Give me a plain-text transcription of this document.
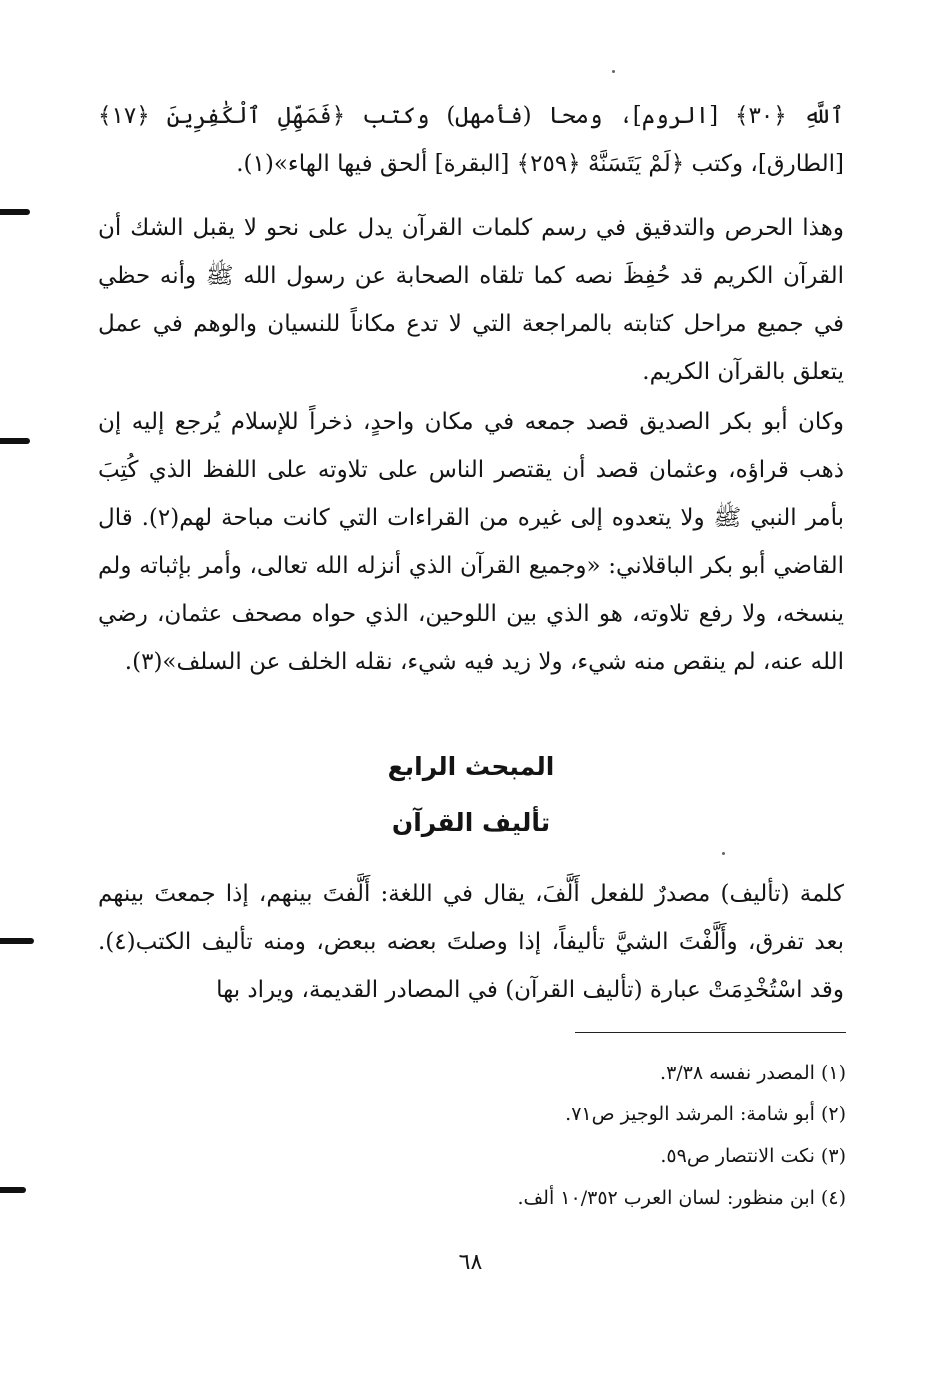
ٱللَّهِ ﴿٣٠﴾ [الروم]، ومحا (فأمهل) وكتب ﴿فَمَهِّلِ ٱلْكَٰفِرِينَ ﴿١٧﴾ [الطارق]، وكتب ﴿لَمْ يَتَسَنَّهْ ﴿٢٥٩﴾ [البقرة] ألحق فيها الهاء»(١).

وهذا الحرص والتدقيق في رسم كلمات القرآن يدل على نحو لا يقبل الشك أن القرآن الكريم قد حُفِظَ نصه كما تلقاه الصحابة عن رسول الله ﷺ وأنه حظي في جميع مراحل كتابته بالمراجعة التي لا تدع مكاناً للنسيان والوهم في عمل يتعلق بالقرآن الكريم.

وكان أبو بكر الصديق قصد جمعه في مكان واحدٍ، ذخراً للإسلام يُرجع إليه إن ذهب قراؤه، وعثمان قصد أن يقتصر الناس على تلاوته على اللفظ الذي كُتِبَ بأمر النبي ﷺ ولا يتعدوه إلى غيره من القراءات التي كانت مباحة لهم(٢). قال القاضي أبو بكر الباقلاني: «وجميع القرآن الذي أنزله الله تعالى، وأمر بإثباته ولم ينسخه، ولا رفع تلاوته، هو الذي بين اللوحين، الذي حواه مصحف عثمان، رضي الله عنه، لم ينقص منه شيء، ولا زيد فيه شيء، نقله الخلف عن السلف»(٣).

المبحث الرابع
تأليف القرآن

كلمة (تأليف) مصدرٌ للفعل أَلَّفَ، يقال في اللغة: أَلَّفتَ بينهم، إذا جمعتَ بينهم بعد تفرق، وأَلَّفْتَ الشيَّ تأليفاً، إذا وصلتَ بعضه ببعض، ومنه تأليف الكتب(٤). وقد اسْتُخْدِمَتْ عبارة (تأليف القرآن) في المصادر القديمة، ويراد بها

(١) المصدر نفسه ٣/٣٨.

(٢) أبو شامة: المرشد الوجيز ص٧١.

(٣) نكت الانتصار ص٥٩.

(٤) ابن منظور: لسان العرب ١٠/٣٥٢ ألف.

٦٨
